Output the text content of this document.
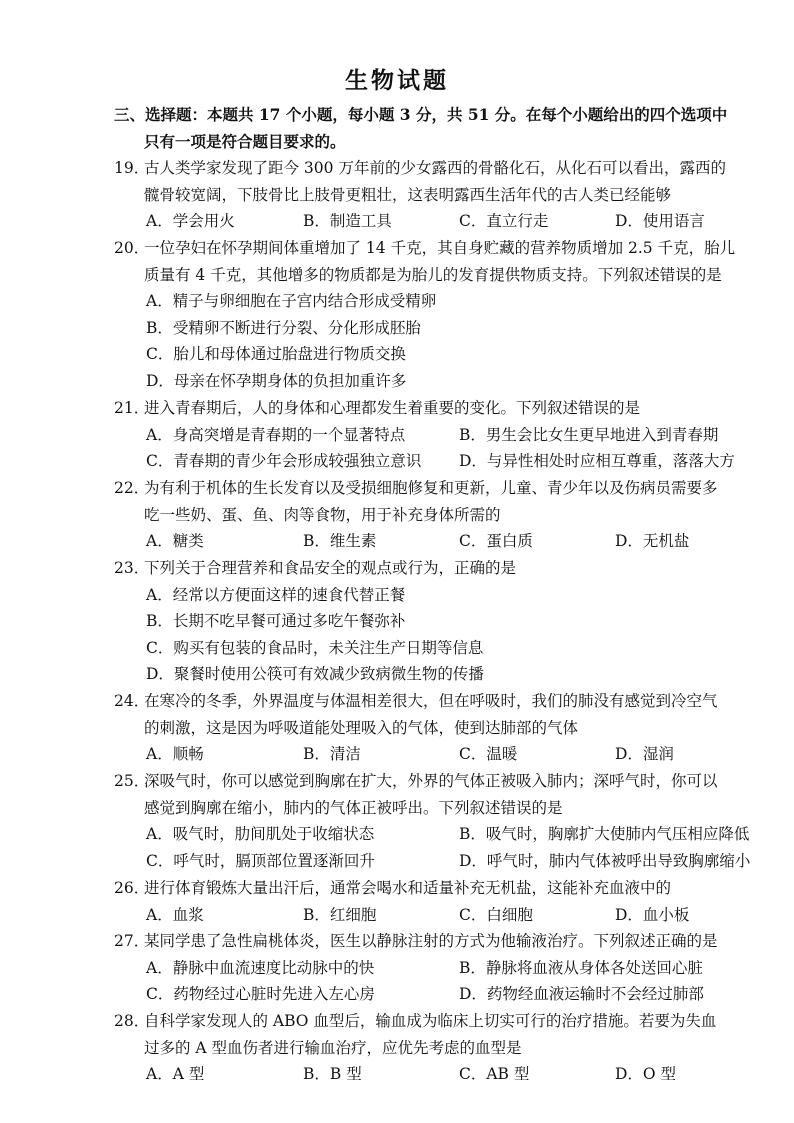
生物试题
三、选择题：本题共 17 个小题，每小题 3 分，共 51 分。在每个小题给出的四个选项中
只有一项是符合题目要求的。
19．
古人类学家发现了距今 300 万年前的少女露西的骨骼化石，从化石可以看出，露西的
髋骨较宽阔，下肢骨比上肢骨更粗壮，这表明露西生活年代的古人类已经能够
A．学会用火	B．制造工具	C．直立行走	D．使用语言
20．
一位孕妇在怀孕期间体重增加了 14 千克，其自身贮藏的营养物质增加 2.5 千克，胎儿
质量有 4 千克，其他增多的物质都是为胎儿的发育提供物质支持。下列叙述错误的是
A．精子与卵细胞在子宫内结合形成受精卵
B．受精卵不断进行分裂、分化形成胚胎
C．胎儿和母体通过胎盘进行物质交换
D．母亲在怀孕期身体的负担加重许多
21．
进入青春期后，人的身体和心理都发生着重要的变化。下列叙述错误的是
A．身高突增是青春期的一个显著特点	B．男生会比女生更早地进入到青春期
C．青春期的青少年会形成较强独立意识 D．与异性相处时应相互尊重，落落大方
22．
为有利于机体的生长发育以及受损细胞修复和更新，儿童、青少年以及伤病员需要多
吃一些奶、蛋、鱼、肉等食物，用于补充身体所需的
A．糖类	B．维生素	C．蛋白质	D．无机盐
23．
下列关于合理营养和食品安全的观点或行为，正确的是
A．经常以方便面这样的速食代替正餐
B．长期不吃早餐可通过多吃午餐弥补
C．购买有包装的食品时，未关注生产日期等信息
D．聚餐时使用公筷可有效减少致病微生物的传播
24．
在寒冷的冬季，外界温度与体温相差很大，但在呼吸时，我们的肺没有感觉到冷空气
的刺激，这是因为呼吸道能处理吸入的气体，使到达肺部的气体
A．顺畅	B．清洁	C．温暖	D．湿润
25．
深吸气时，你可以感觉到胸廓在扩大，外界的气体正被吸入肺内；深呼气时，你可以
感觉到胸廓在缩小，肺内的气体正被呼出。下列叙述错误的是
A．吸气时，肋间肌处于收缩状态	B．吸气时，胸廓扩大使肺内气压相应降低
C．呼气时，膈顶部位置逐渐回升	D．呼气时，肺内气体被呼出导致胸廓缩小
26．
进行体育锻炼大量出汗后，通常会喝水和适量补充无机盐，这能补充血液中的
A．血浆	B．红细胞	C．白细胞	D．血小板
27．
某同学患了急性扁桃体炎，医生以静脉注射的方式为他输液治疗。下列叙述正确的是
A．静脉中血流速度比动脉中的快	B．静脉将血液从身体各处送回心脏
C．药物经过心脏时先进入左心房	D．药物经血液运输时不会经过肺部
28．
自科学家发现人的 ABO 血型后，输血成为临床上切实可行的治疗措施。若要为失血
过多的 A 型血伤者进行输血治疗，应优先考虑的血型是
A．A 型	B．B 型	C．AB 型	D．O 型
